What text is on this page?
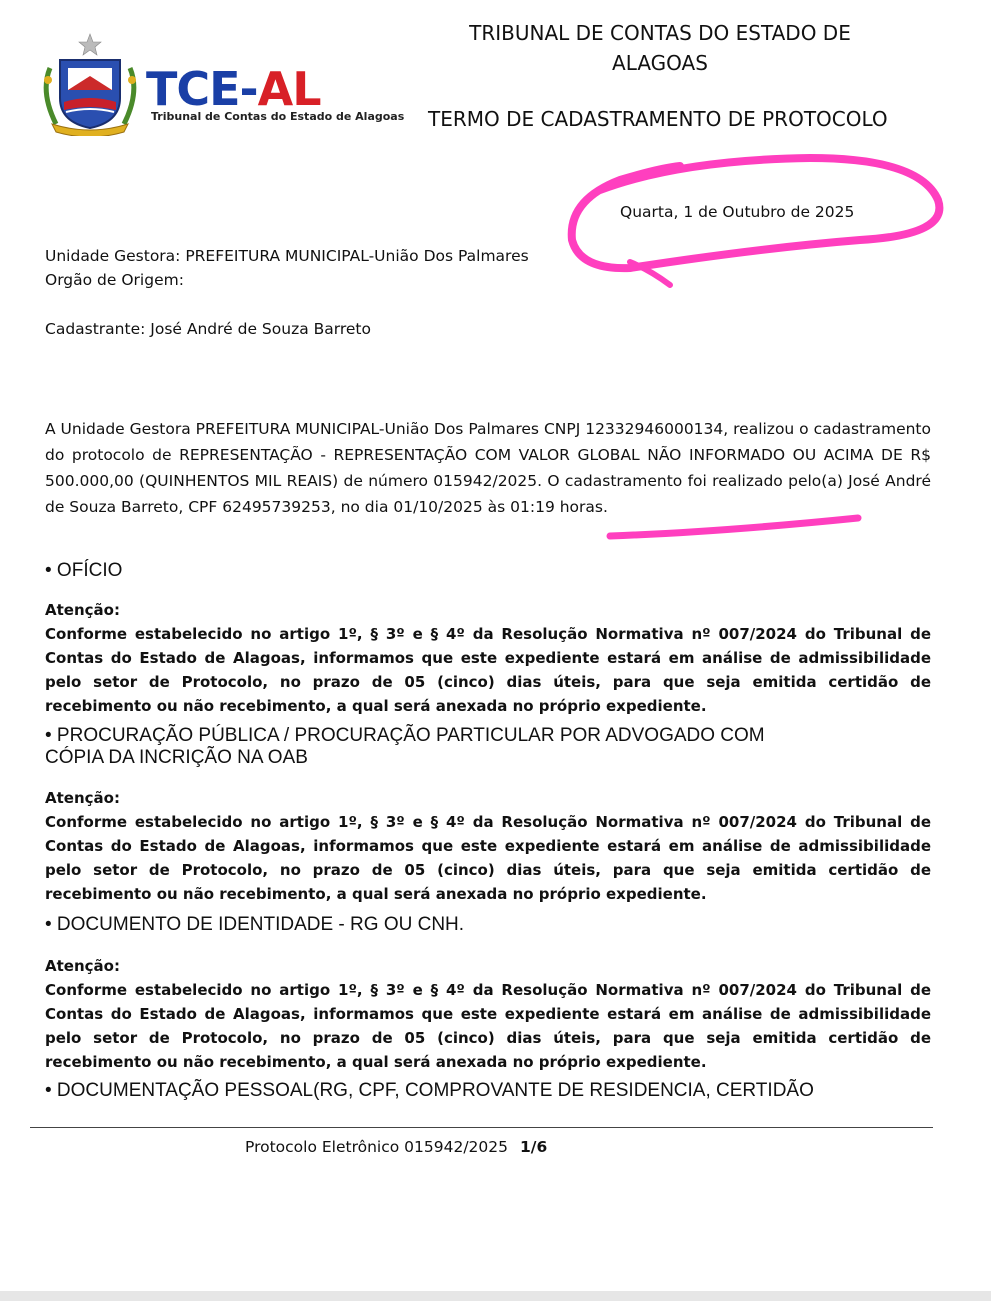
TCE-AL
Tribunal de Contas do Estado de Alagoas
TRIBUNAL DE CONTAS DO ESTADO DE
ALAGOAS
TERMO DE CADASTRAMENTO DE PROTOCOLO
Quarta, 1 de Outubro de 2025
Unidade Gestora: PREFEITURA MUNICIPAL-União Dos Palmares
Orgão de Origem:
Cadastrante: José André de Souza Barreto
A Unidade Gestora PREFEITURA MUNICIPAL-União Dos Palmares CNPJ 12332946000134, realizou o cadastramento do protocolo de REPRESENTAÇÃO - REPRESENTAÇÃO COM VALOR GLOBAL NÃO INFORMADO OU ACIMA DE R$ 500.000,00 (QUINHENTOS MIL REAIS) de número 015942/2025. O cadastramento foi realizado pelo(a) José André de Souza Barreto, CPF 62495739253, no dia 01/10/2025 às 01:19 horas.
• OFÍCIO
Atenção:
Conforme estabelecido no artigo 1º, § 3º e § 4º da Resolução Normativa nº 007/2024 do Tribunal de Contas do Estado de Alagoas, informamos que este expediente estará em análise de admissibilidade pelo setor de Protocolo, no prazo de 05 (cinco) dias úteis, para que seja emitida certidão de recebimento ou não recebimento, a qual será anexada no próprio expediente.
• PROCURAÇÃO PÚBLICA / PROCURAÇÃO PARTICULAR POR ADVOGADO COM CÓPIA DA INCRIÇÃO NA OAB
Atenção:
Conforme estabelecido no artigo 1º, § 3º e § 4º da Resolução Normativa nº 007/2024 do Tribunal de Contas do Estado de Alagoas, informamos que este expediente estará em análise de admissibilidade pelo setor de Protocolo, no prazo de 05 (cinco) dias úteis, para que seja emitida certidão de recebimento ou não recebimento, a qual será anexada no próprio expediente.
• DOCUMENTO DE IDENTIDADE - RG OU CNH.
Atenção:
Conforme estabelecido no artigo 1º, § 3º e § 4º da Resolução Normativa nº 007/2024 do Tribunal de Contas do Estado de Alagoas, informamos que este expediente estará em análise de admissibilidade pelo setor de Protocolo, no prazo de 05 (cinco) dias úteis, para que seja emitida certidão de recebimento ou não recebimento, a qual será anexada no próprio expediente.
• DOCUMENTAÇÃO PESSOAL(RG, CPF, COMPROVANTE DE RESIDENCIA, CERTIDÃO
Protocolo Eletrônico 015942/2025 1/6
